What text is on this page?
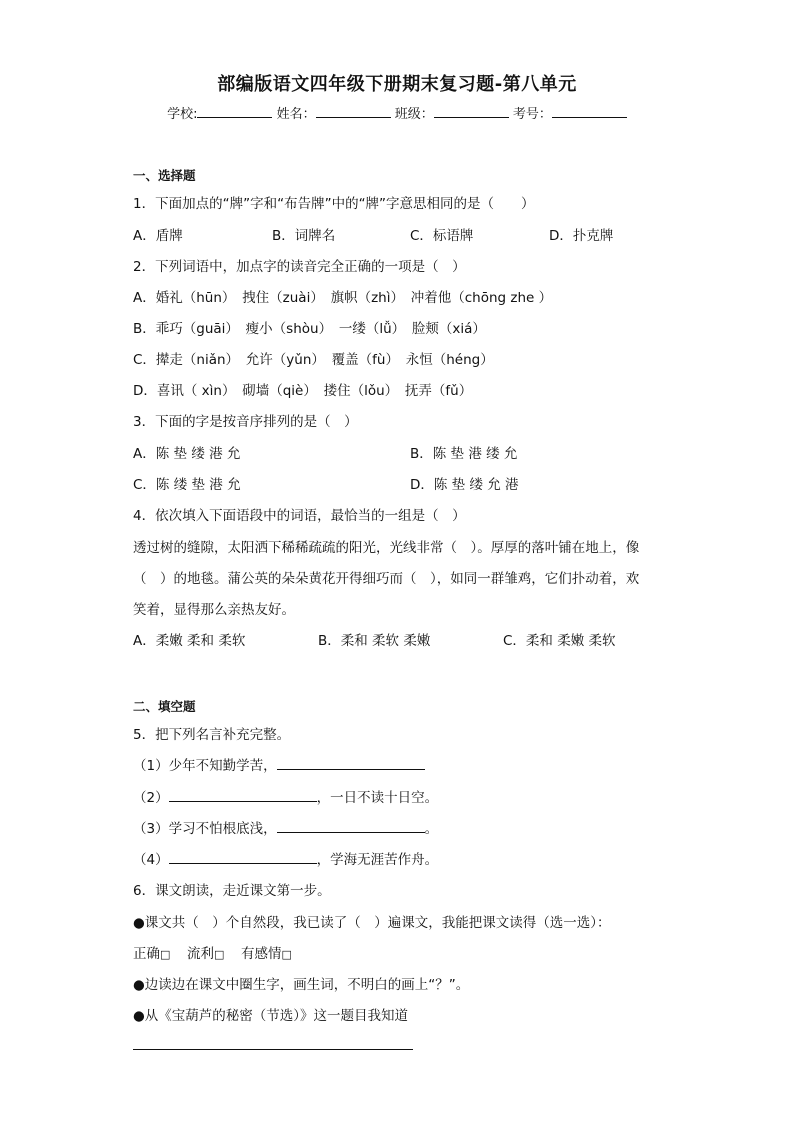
部编版语文四年级下册期末复习题-第八单元
学校:	姓名：	班级：	考号：
一、选择题
1．下面加点的“牌”字和“布告牌”中的“牌”字意思相同的是（　　）
A．盾牌	B．词牌名	C．标语牌	D．扑克牌
2．下列词语中，加点字的读音完全正确的一项是（　）
A．婚礼（hūn）　拽住（zuài）　旗帜（zhì）　冲着他（chōng zhe ）
B．乖巧（guāi）　瘦小（shòu）　一缕（lǚ）　脸颊（xiá）
C．撵走（niǎn）　允许（yǔn）　覆盖（fù）　永恒（héng）
D．喜讯（ xìn）　砌墙（qiè）　搂住（lǒu）　抚弄（fǔ）
3．下面的字是按音序排列的是（　）
A．陈 垫 缕 港 允	B．陈 垫 港 缕 允
C．陈 缕 垫 港 允	D．陈 垫 缕 允 港
4．依次填入下面语段中的词语，最恰当的一组是（　）
透过树的缝隙，太阳洒下稀稀疏疏的阳光，光线非常（　）。厚厚的落叶铺在地上，像
（　）的地毯。蒲公英的朵朵黄花开得细巧而（　），如同一群雏鸡，它们扑动着，欢
笑着，显得那么亲热友好。
A．柔嫩 柔和 柔软	B．柔和 柔软 柔嫩	C．柔和 柔嫩 柔软
二、填空题
5．把下列名言补充完整。
（1）少年不知勤学苦，
（2）	，一日不读十日空。
（3）学习不怕根底浅，	。
（4）	，学海无涯苦作舟。
6．课文朗读，走近课文第一步。
●课文共（　）个自然段，我已读了（　）遍课文，我能把课文读得（选一选）：
正确□ 流利□ 有感情□
●边读边在课文中圈生字，画生词，不明白的画上“？”。
●从《宝葫芦的秘密（节选）》这一题目我知道
